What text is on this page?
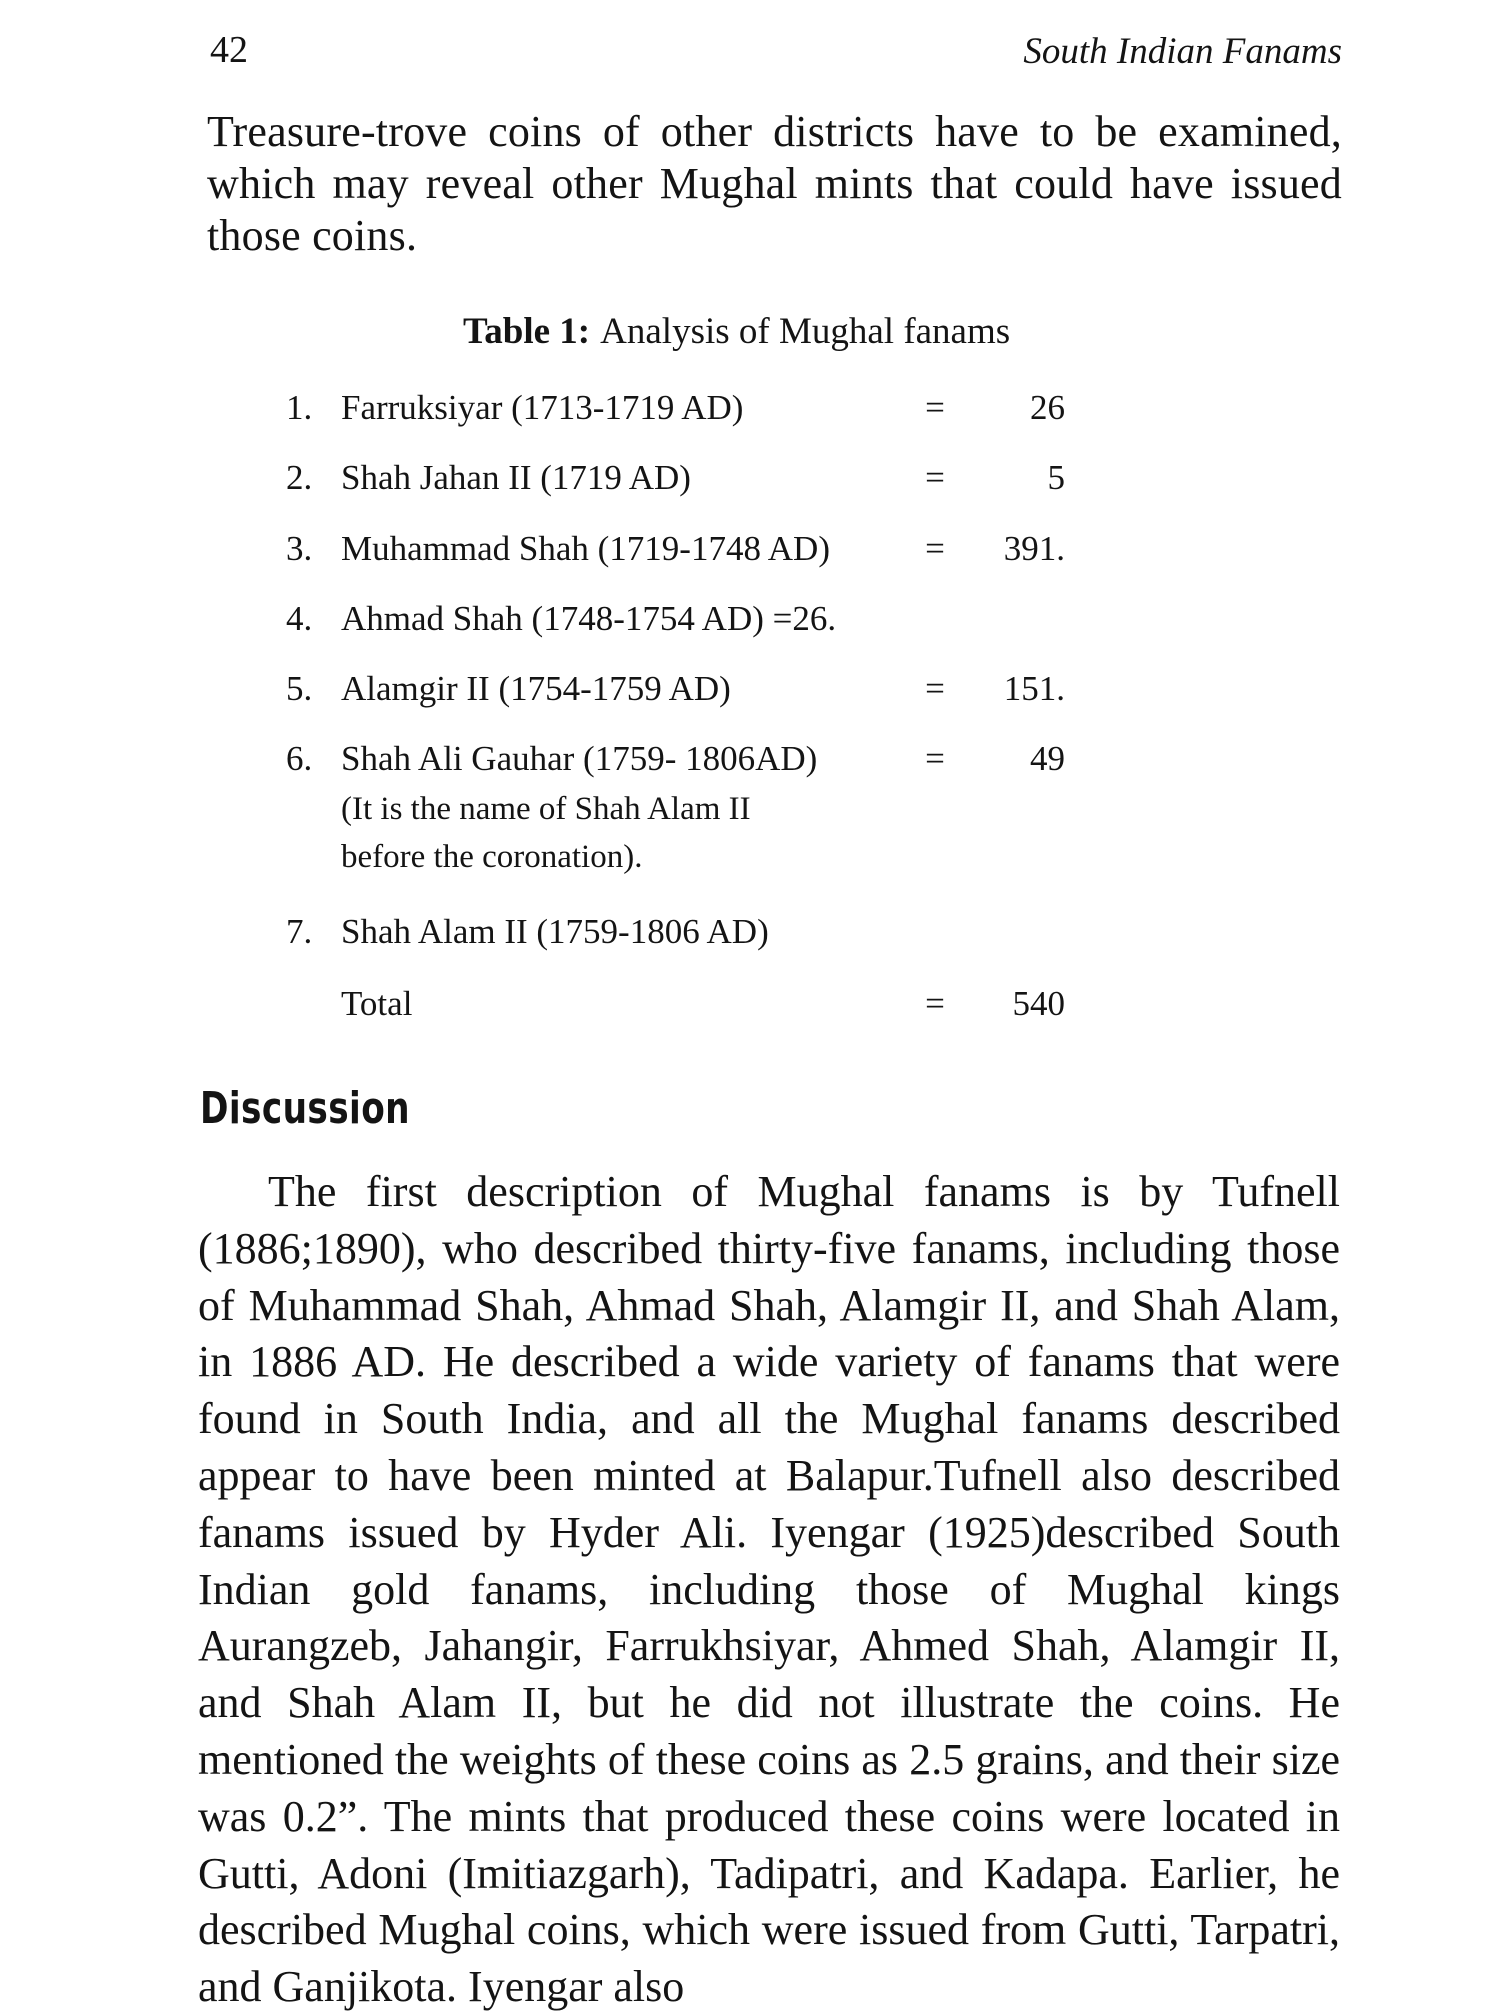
42	South Indian Fanams

Treasure-trove coins of other districts have to be examined, which may reveal other Mughal mints that could have issued those coins.

Table 1: Analysis of Mughal fanams
1. Farruksiyar (1713-1719 AD)	=	26
2. Shah Jahan II (1719 AD)	=	5
3. Muhammad Shah (1719-1748 AD)	=	391.
4. Ahmad Shah (1748-1754 AD) =26.
5. Alamgir II (1754-1759 AD)	=	151.
6. Shah Ali Gauhar (1759- 1806AD)	=	49
(It is the name of Shah Alam II
before the coronation).
7. Shah Alam II (1759-1806 AD)
Total	=	540
Discussion

The first description of Mughal fanams is by Tufnell (1886;1890), who described thirty-five fanams, including those of Muhammad Shah, Ahmad Shah, Alamgir II, and Shah Alam, in 1886 AD. He described a wide variety of fanams that were found in South India, and all the Mughal fanams described appear to have been minted at Balapur.Tufnell also described fanams issued by Hyder Ali. Iyengar (1925)described South Indian gold fanams, including those of Mughal kings Aurangzeb, Jahangir, Farrukhsiyar, Ahmed Shah, Alamgir II, and Shah Alam II, but he did not illustrate the coins. He mentioned the weights of these coins as 2.5 grains, and their size was 0.2”. The mints that produced these coins were located in Gutti, Adoni (Imitiazgarh), Tadipatri, and Kadapa. Earlier, he described Mughal coins, which were issued from Gutti, Tarpatri, and Ganjikota. Iyengar also
